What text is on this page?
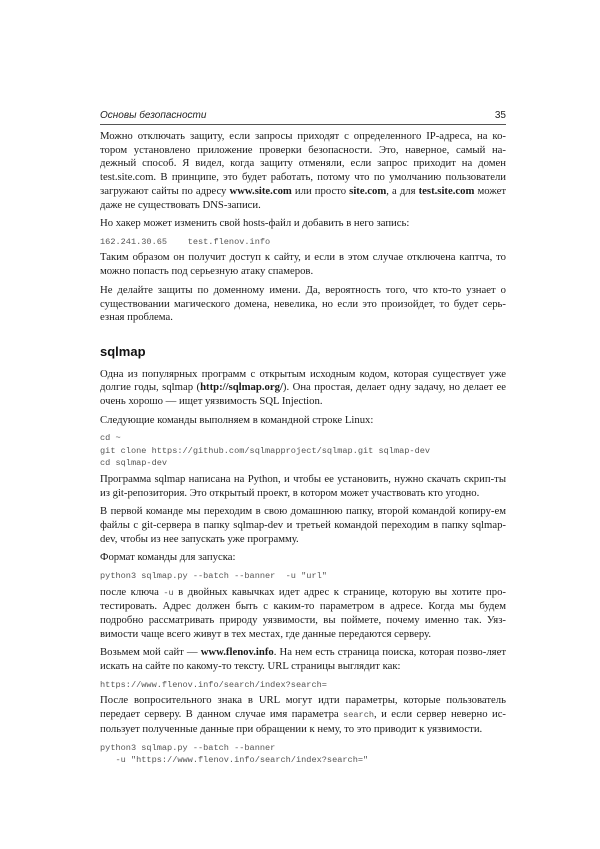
Основы безопасности	35

Можно отключать защиту, если запросы приходят с определенного IP-адреса, на ко-тором установлено приложение проверки безопасности. Это, наверное, самый на-дежный способ. Я видел, когда защиту отменяли, если запрос приходит на домен test.site.com. В принципе, это будет работать, потому что по умолчанию пользователи загружают сайты по адресу www.site.com или просто site.com, а для test.site.com может даже не существовать DNS-записи.

Но хакер может изменить свой hosts-файл и добавить в него запись:

162.241.30.65    test.flenov.info

Таким образом он получит доступ к сайту, и если в этом случае отключена каптча, то можно попасть под серьезную атаку спамеров.

Не делайте защиты по доменному имени. Да, вероятность того, что кто-то узнает о существовании магического домена, невелика, но если это произойдет, то будет серь-езная проблема.

sqlmap

Одна из популярных программ с открытым исходным кодом, которая существует уже долгие годы, sqlmap (http://sqlmap.org/). Она простая, делает одну задачу, но делает ее очень хорошо — ищет уязвимость SQL Injection.

Следующие команды выполняем в командной строке Linux:

cd ~
git clone https://github.com/sqlmapproject/sqlmap.git sqlmap-dev
cd sqlmap-dev

Программа sqlmap написана на Python, и чтобы ее установить, нужно скачать скрип-ты из git-репозитория. Это открытый проект, в котором может участвовать кто угодно.

В первой команде мы переходим в свою домашнюю папку, второй командой копиру-ем файлы с git-сервера в папку sqlmap-dev и третьей командой переходим в папку sqlmap-dev, чтобы из нее запускать уже программу.

Формат команды для запуска:

python3 sqlmap.py --batch --banner  -u "url"

после ключа -u в двойных кавычках идет адрес к странице, которую вы хотите про-тестировать. Адрес должен быть с каким-то параметром в адресе. Когда мы будем подробно рассматривать природу уязвимости, вы поймете, почему именно так. Уяз-вимости чаще всего живут в тех местах, где данные передаются серверу.

Возьмем мой сайт — www.flenov.info. На нем есть страница поиска, которая позво-ляет искать на сайте по какому-то тексту. URL страницы выглядит как:

https://www.flenov.info/search/index?search=

После вопросительного знака в URL могут идти параметры, которые пользователь передает серверу. В данном случае имя параметра search, и если сервер неверно ис-пользует полученные данные при обращении к нему, то это приводит к уязвимости.

python3 sqlmap.py --batch --banner
-u "https://www.flenov.info/search/index?search="
